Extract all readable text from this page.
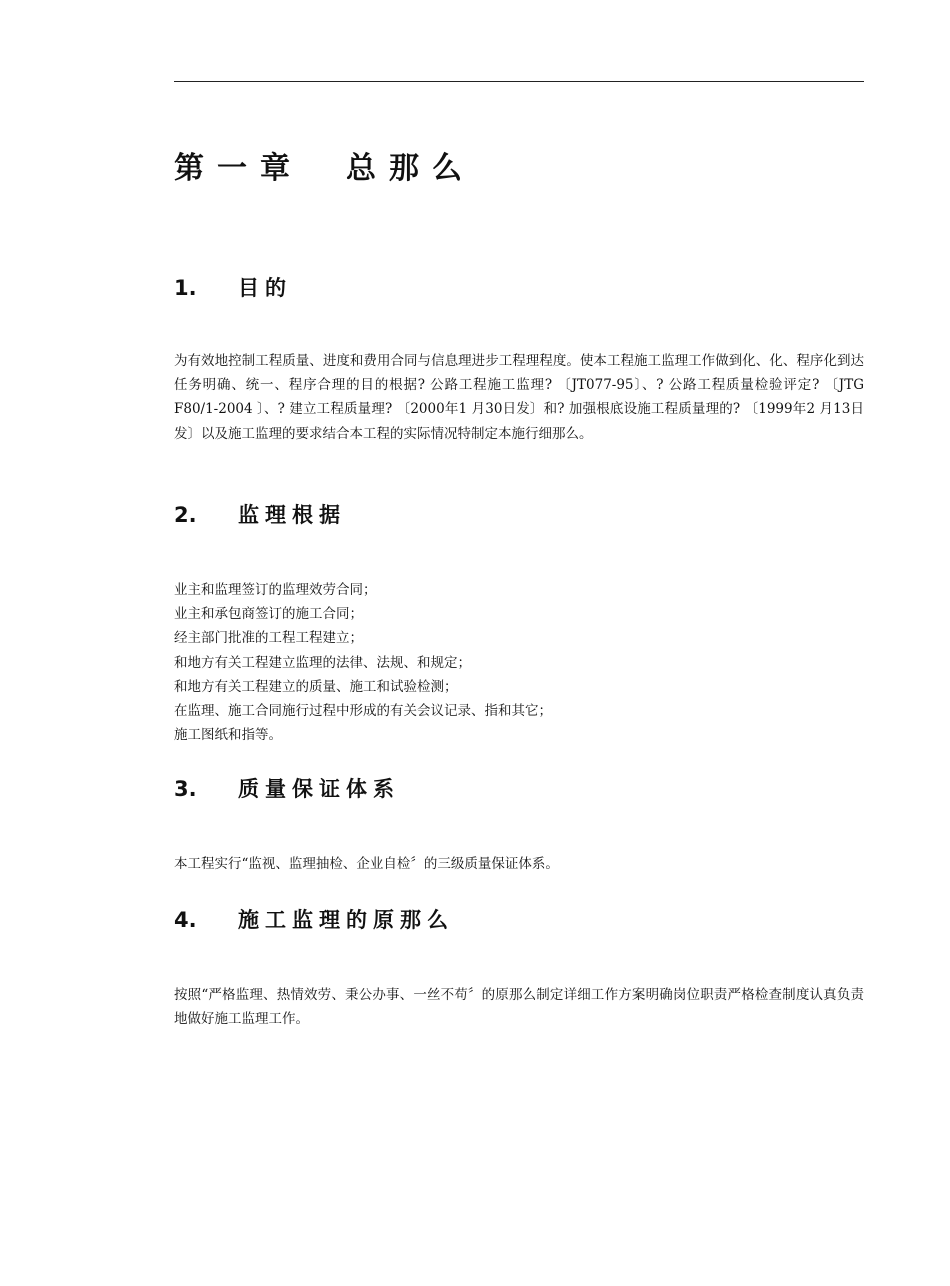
第一章　总那么
1. 目的

为有效地控制工程质量、进度和费用合同与信息理进步工程理程度。使本工程施工监理工作做到化、化、程序化到达任务明确、统一、程序合理的目的根据? 公路工程施工监理? 〔JT077-95〕、? 公路工程质量检验评定? 〔JTG F80/1-2004 〕、? 建立工程质量理? 〔2000年1 月30日发〕和? 加强根底设施工程质量理的? 〔1999年2 月13日发〕以及施工监理的要求结合本工程的实际情况特制定本施行细那么。

2. 监理根据
业主和监理签订的监理效劳合同；
业主和承包商签订的施工合同；
经主部门批准的工程工程建立；
和地方有关工程建立监理的法律、法规、和规定；
和地方有关工程建立的质量、施工和试验检测；
在监理、施工合同施行过程中形成的有关会议记录、指和其它；
施工图纸和指等。
3. 质量保证体系

本工程实行“监视、监理抽检、企业自检〞的三级质量保证体系。

4. 施工监理的原那么

按照“严格监理、热情效劳、秉公办事、一丝不苟〞的原那么制定详细工作方案明确岗位职责严格检查制度认真负责地做好施工监理工作。
